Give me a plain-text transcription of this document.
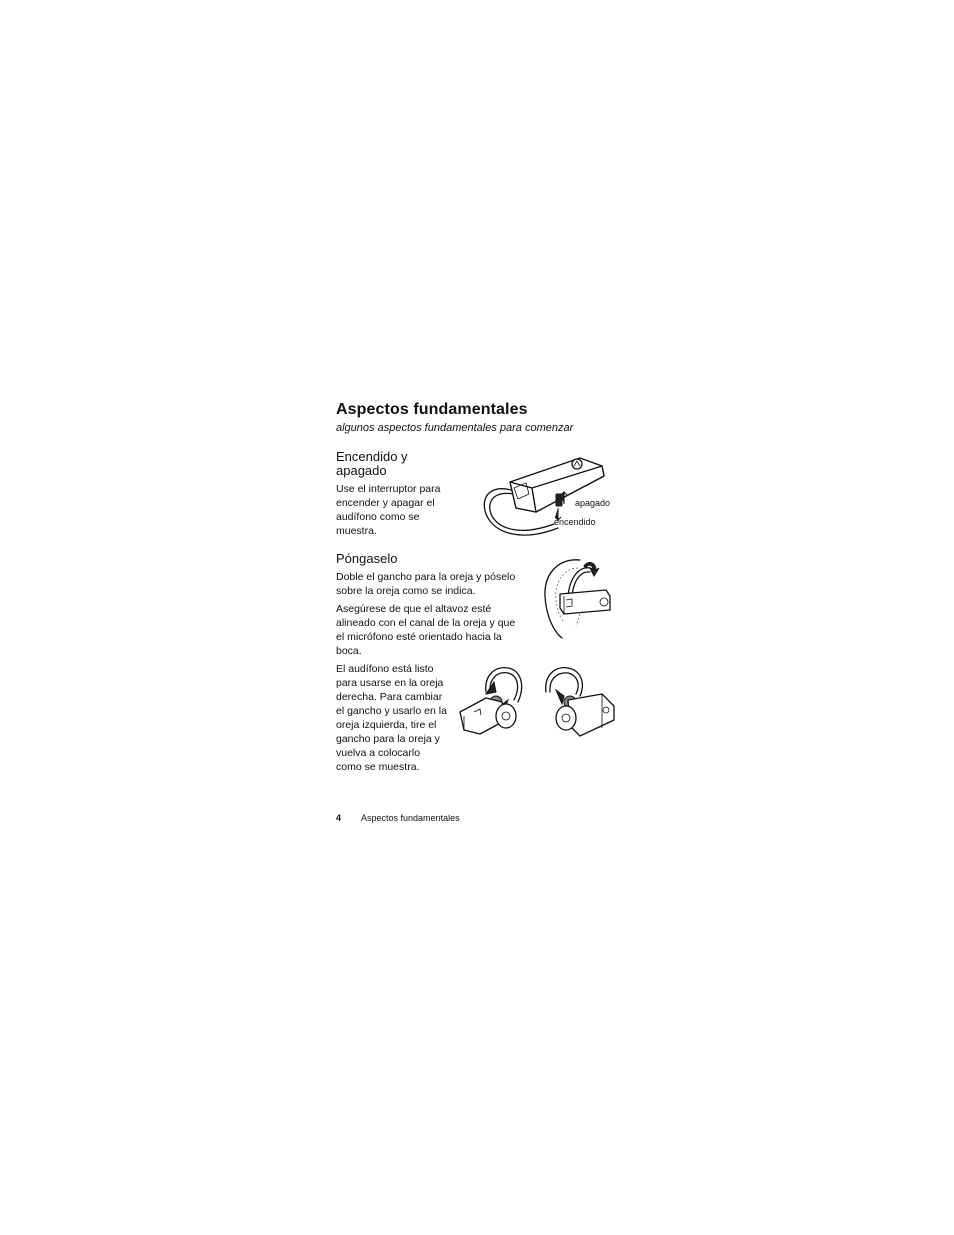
Aspectos fundamentales
algunos aspectos fundamentales para comenzar
Encendido y apagado
Use el interruptor para encender y apagar el audífono como se muestra.
apagado
encendido
Póngaselo
Doble el gancho para la oreja y póselo sobre la oreja como se indica.
Asegúrese de que el altavoz esté alineado con el canal de la oreja y que el micrófono esté orientado hacia la boca.
El audífono está listo para usarse en la oreja derecha. Para cambiar el gancho y usarlo en la oreja izquierda, tire el gancho para la oreja y vuelva a colocarlo como se muestra.
4 Aspectos fundamentales
